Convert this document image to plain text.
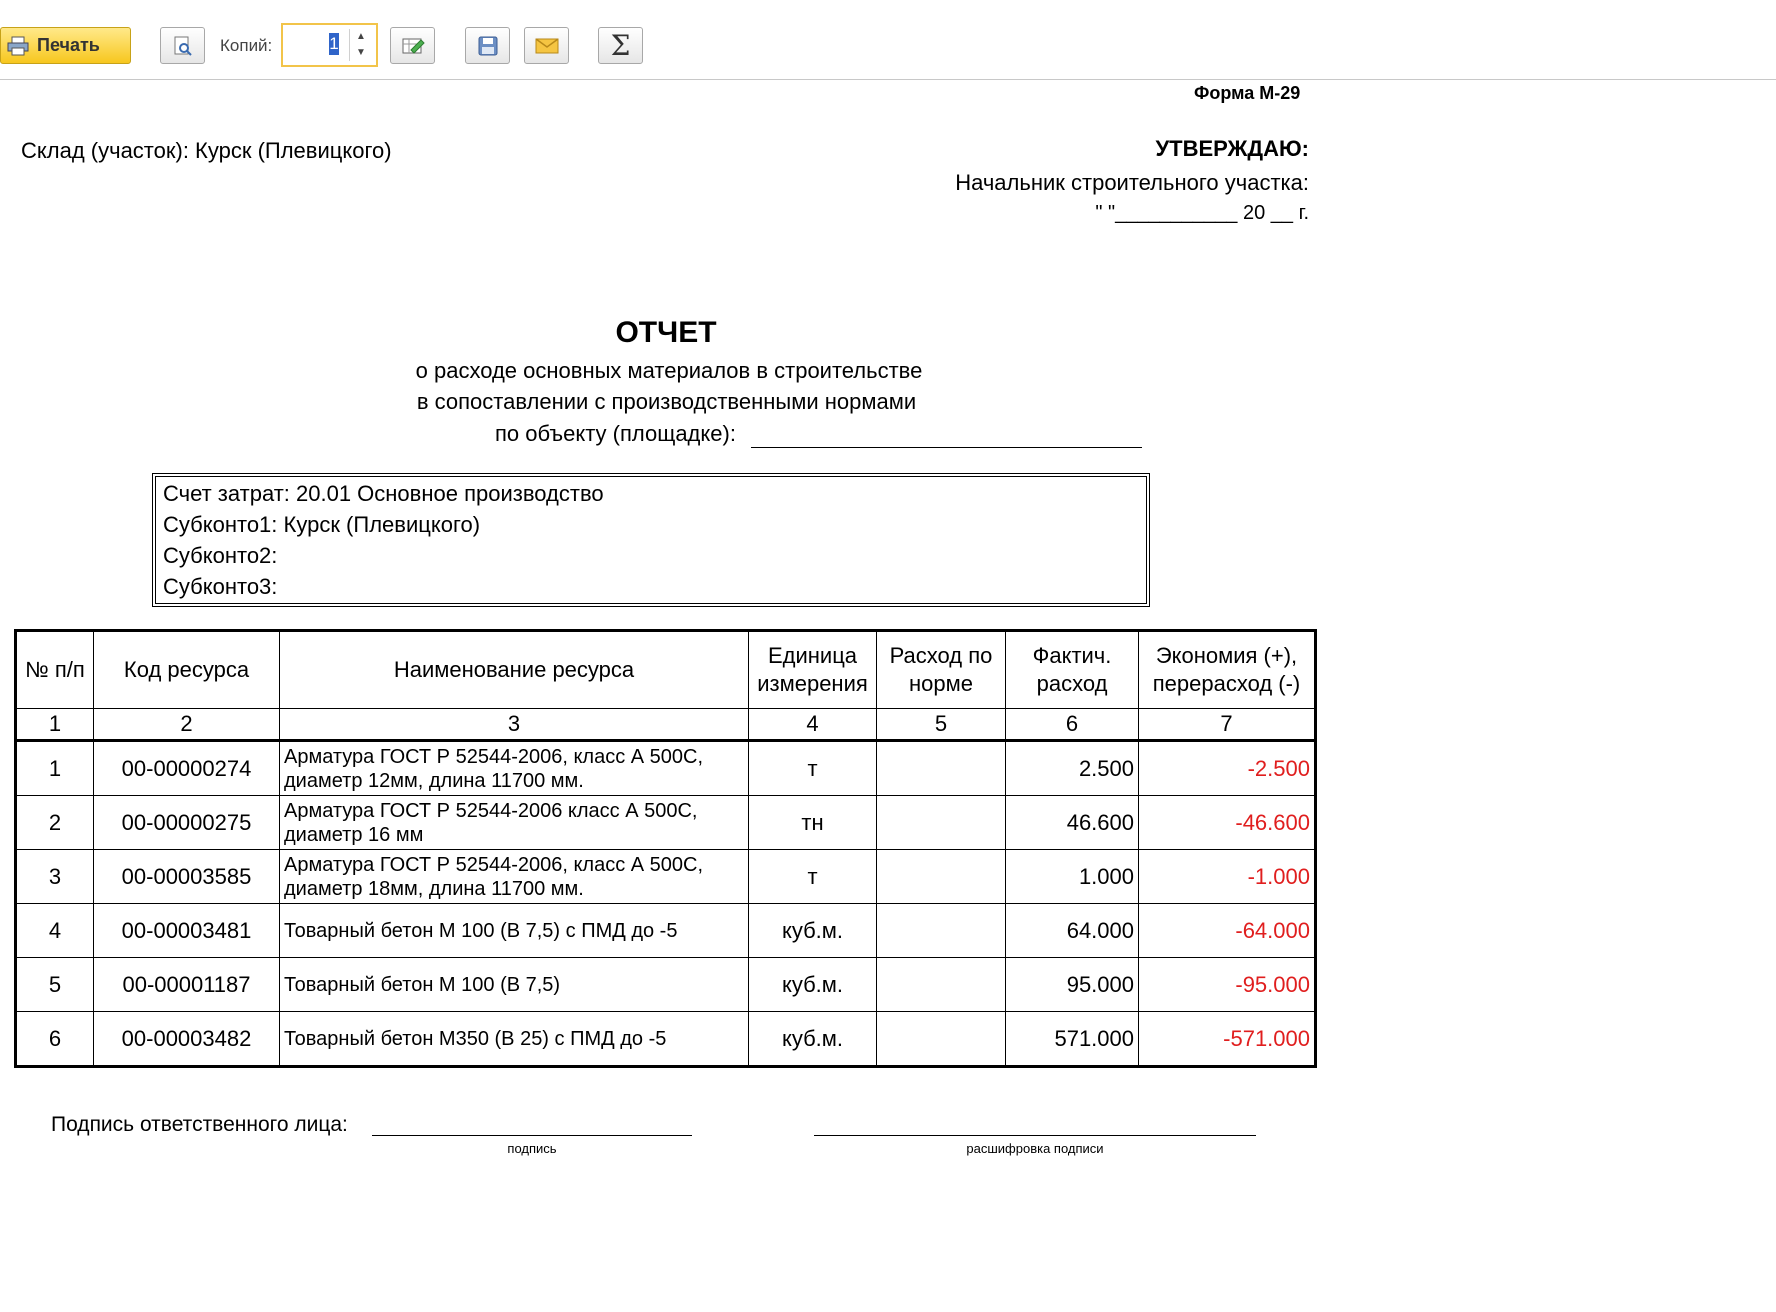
Печать	Копий:	1	▲
▼	Σ
Форма М-29
Склад (участок): Курск (Плевицкого)	УТВЕРЖДАЮ:
Начальник строительного участка:
" "___________ 20 __ г.
ОТЧЕТ
о расходе основных материалов в строительстве
в сопоставлении с производственными нормами
по объекту (площадке):
Счет затрат: 20.01 Основное производство
Субконто1: Курск (Плевицкого)
Субконто2:
Субконто3:
№ п/п	Код ресурса	Наименование ресурса	Единица измерения	Расход по норме	Фактич. расход	Экономия (+), перерасход (-)
1	2	3	4	5	6	7
1	00-00000274	Арматура ГОСТ Р 52544-2006, класс А 500С, диаметр 12мм, длина 11700 мм.	т		2.500	-2.500
2	00-00000275	Арматура ГОСТ Р 52544-2006 класс А 500С, диаметр 16 мм	тн		46.600	-46.600
3	00-00003585	Арматура ГОСТ Р 52544-2006, класс А 500С, диаметр 18мм, длина 11700 мм.	т		1.000	-1.000
4	00-00003481	Товарный бетон М 100 (В 7,5) с ПМД до -5	куб.м.		64.000	-64.000
5	00-00001187	Товарный бетон М 100 (В 7,5)	куб.м.		95.000	-95.000
6	00-00003482	Товарный бетон М350 (В 25) с ПМД до -5	куб.м.		571.000	-571.000
Подпись ответственного лица:
подпись	расшифровка подписи
